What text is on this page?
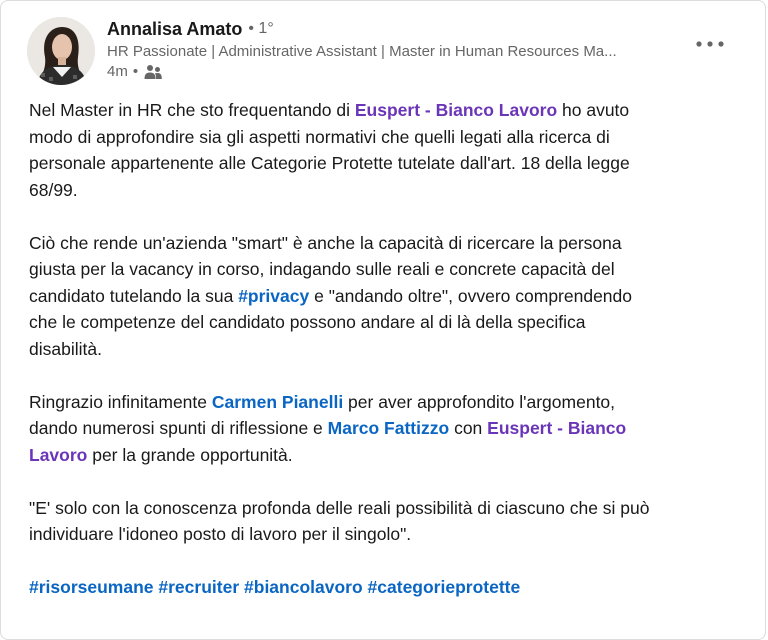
Annalisa Amato • 1°
HR Passionate | Administrative Assistant | Master in Human Resources Ma...
4m •

Nel Master in HR che sto frequentando di Euspert - Bianco Lavoro ho avuto

modo di approfondire sia gli aspetti normativi che quelli legati alla ricerca di

personale appartenente alle Categorie Protette tutelate dall'art. 18 della legge

68/99.

Ciò che rende un'azienda "smart" è anche la capacità di ricercare la persona

giusta per la vacancy in corso, indagando sulle reali e concrete capacità del

candidato tutelando la sua #privacy e "andando oltre", ovvero comprendendo

che le competenze del candidato possono andare al di là della specifica

disabilità.

Ringrazio infinitamente Carmen Pianelli per aver approfondito l'argomento,

dando numerosi spunti di riflessione e Marco Fattizzo con Euspert - Bianco

Lavoro per la grande opportunità.

"E' solo con la conoscenza profonda delle reali possibilità di ciascuno che si può

individuare l'idoneo posto di lavoro per il singolo".

#risorseumane #recruiter #biancolavoro #categorieprotette
